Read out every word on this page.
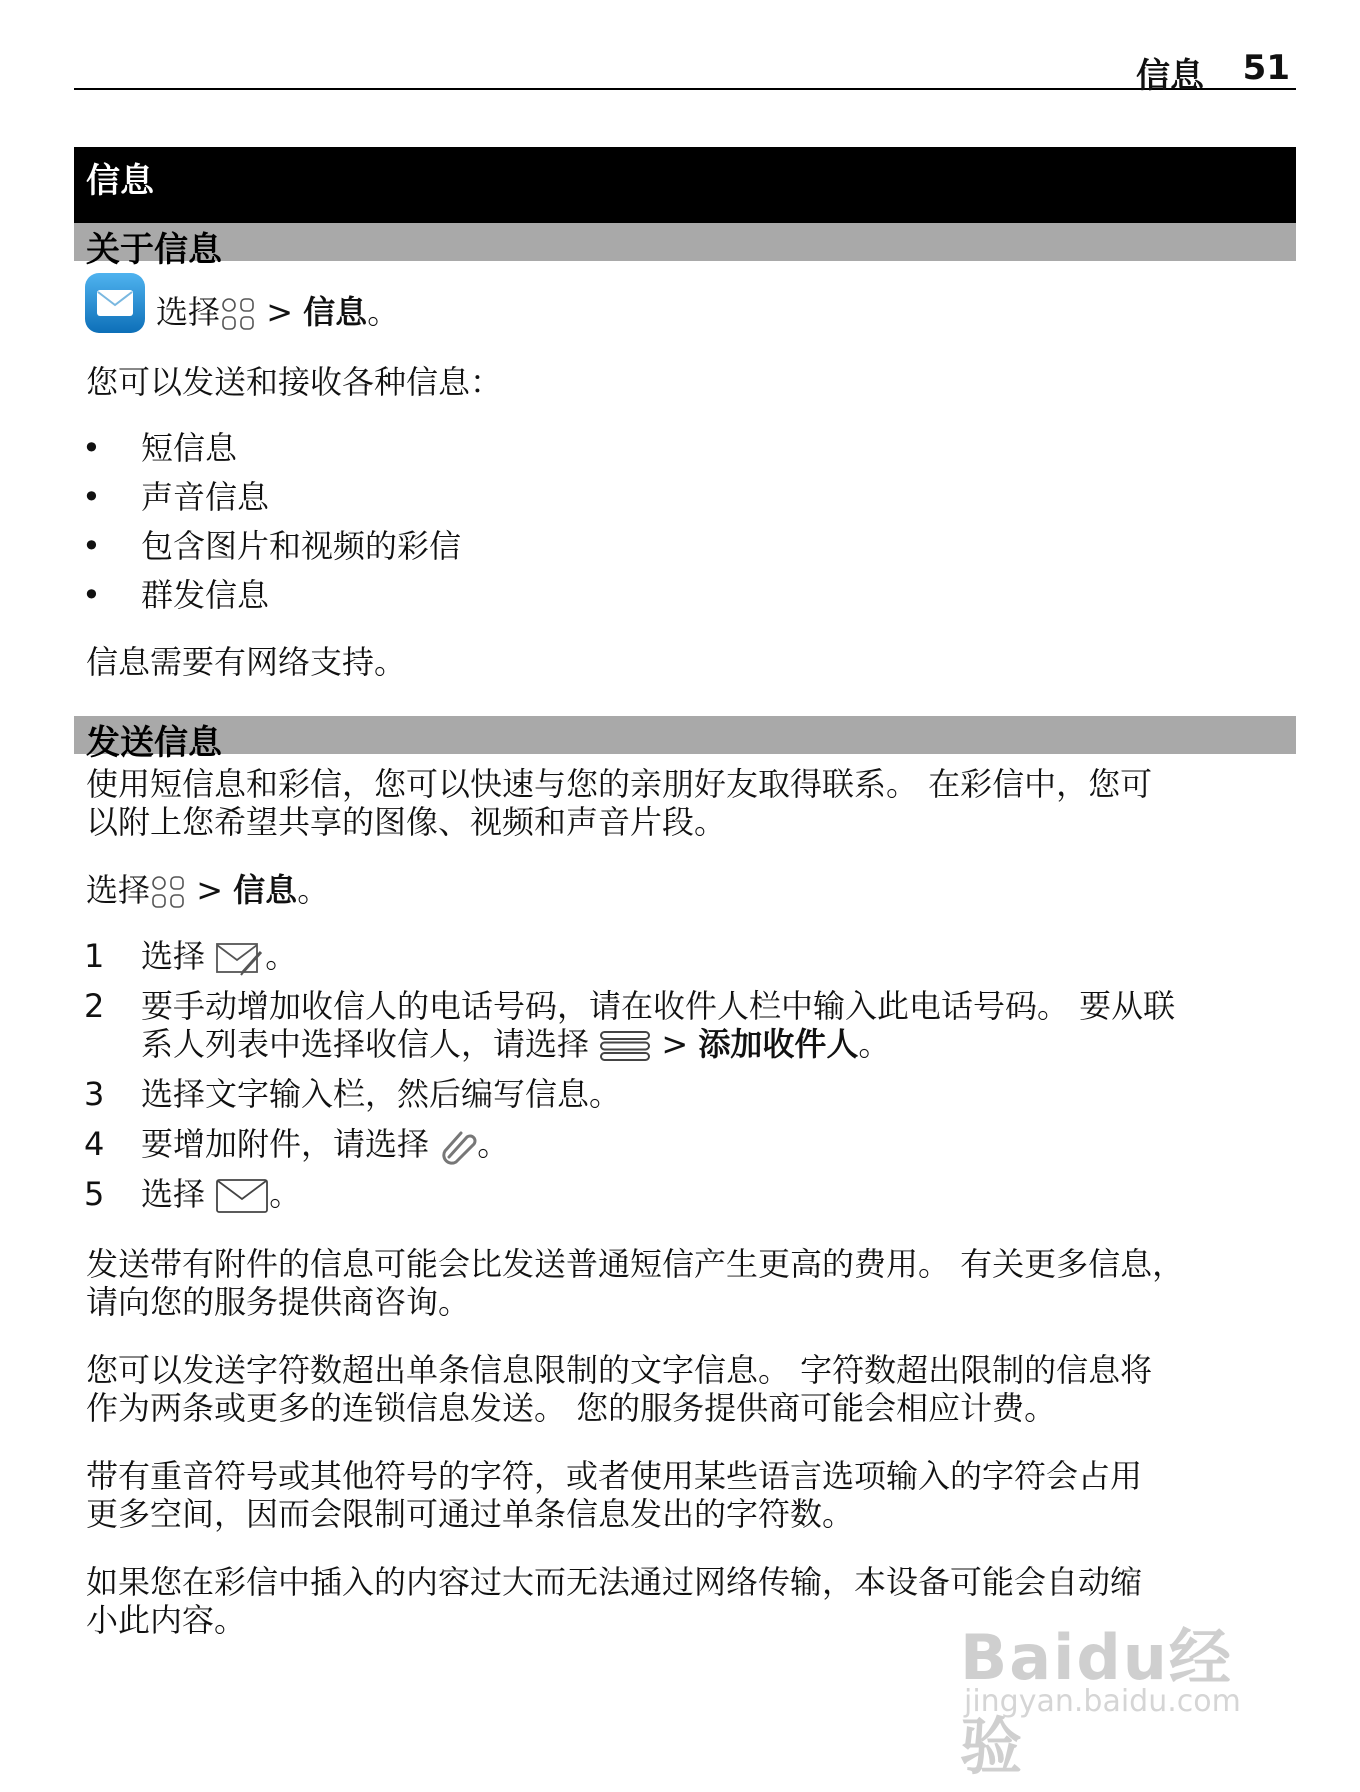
信息 51
信息
关于信息
选择 > 信息。
您可以发送和接收各种信息：
• 短信息
• 声音信息
• 包含图片和视频的彩信
• 群发信息
信息需要有网络支持。
发送信息
使用短信息和彩信，您可以快速与您的亲朋好友取得联系。 在彩信中，您可
以附上您希望共享的图像、视频和声音片段。
选择 > 信息。
1 选择 。
2 要手动增加收信人的电话号码，请在收件人栏中输入此电话号码。 要从联
系人列表中选择收信人，请选择  > 添加收件人。
3 选择文字输入栏，然后编写信息。
4 要增加附件，请选择 。
5 选择 。
发送带有附件的信息可能会比发送普通短信产生更高的费用。 有关更多信息，
请向您的服务提供商咨询。
您可以发送字符数超出单条信息限制的文字信息。 字符数超出限制的信息将
作为两条或更多的连锁信息发送。 您的服务提供商可能会相应计费。
带有重音符号或其他符号的字符，或者使用某些语言选项输入的字符会占用
更多空间，因而会限制可通过单条信息发出的字符数。
如果您在彩信中插入的内容过大而无法通过网络传输，本设备可能会自动缩
小此内容。
Baidu经验
jingyan.baidu.com
